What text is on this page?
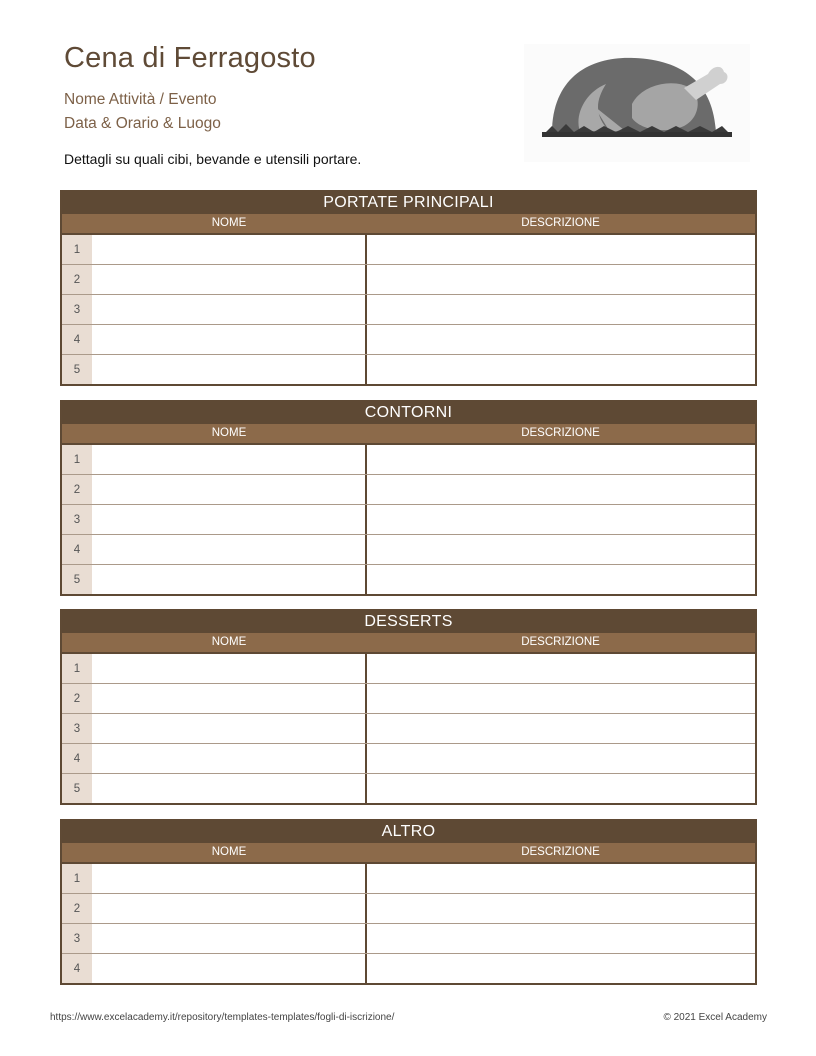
Cena di Ferragosto
Nome Attività / Evento
Data & Orario & Luogo
Dettagli su quali cibi, bevande e utensili portare.
PORTATE PRINCIPALI
NOME	DESCRIZIONE
1
2
3
4
5
CONTORNI
NOME	DESCRIZIONE
1
2
3
4
5
DESSERTS
NOME	DESCRIZIONE
1
2
3
4
5
ALTRO
NOME	DESCRIZIONE
1
2
3
4
https://www.excelacademy.it/repository/templates-templates/fogli-di-iscrizione/	© 2021 Excel Academy
